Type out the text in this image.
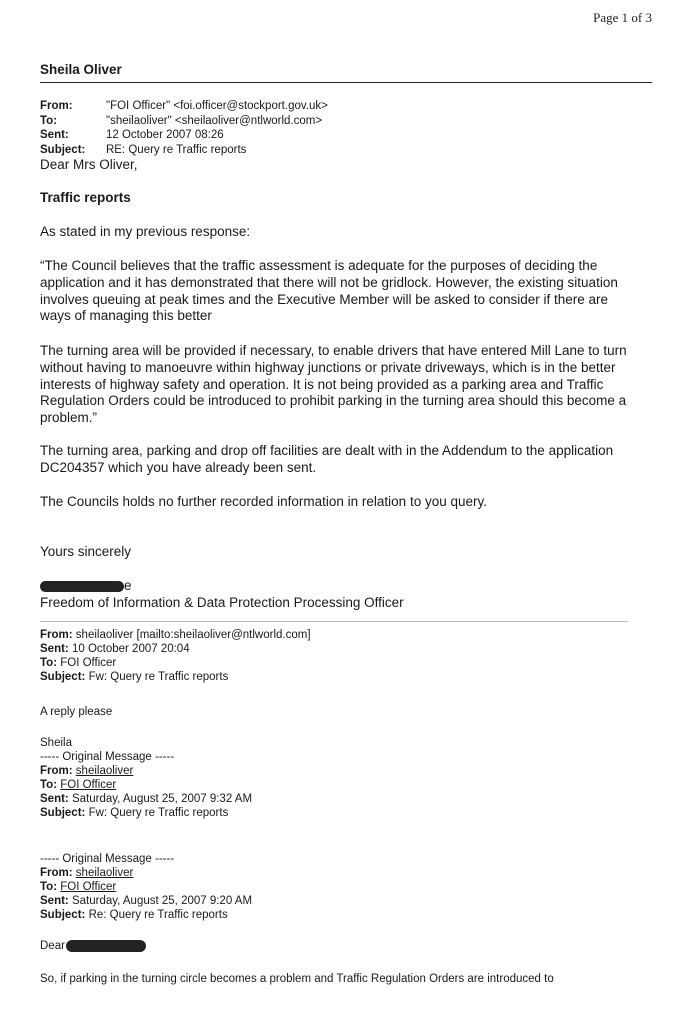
Page 1 of 3
Sheila Oliver
From:	"FOI Officer" <foi.officer@stockport.gov.uk>
To:	"sheilaoliver" <sheilaoliver@ntlworld.com>
Sent:	12 October 2007 08:26
Subject:	RE: Query re Traffic reports

Dear Mrs Oliver,

Traffic reports

As stated in my previous response:

“The Council believes that the traffic assessment is adequate for the purposes of deciding the application and it has demonstrated that there will not be gridlock. However, the existing situation involves queuing at peak times and the Executive Member will be asked to consider if there are ways of managing this better

The turning area will be provided if necessary, to enable drivers that have entered Mill Lane to turn without having to manoeuvre within highway junctions or private driveways, which is in the better interests of highway safety and operation. It is not being provided as a parking area and Traffic Regulation Orders could be introduced to prohibit parking in the turning area should this become a problem.”

The turning area, parking and drop off facilities are dealt with in the Addendum to the application DC204357 which you have already been sent.

The Councils holds no further recorded information in relation to you query.

Yours sincerely

e

Freedom of Information & Data Protection Processing Officer

From: sheilaoliver [mailto:sheilaoliver@ntlworld.com]
Sent: 10 October 2007 20:04
To: FOI Officer
Subject: Fw: Query re Traffic reports

A reply please

Sheila

----- Original Message -----
From: sheilaoliver
To: FOI Officer
Sent: Saturday, August 25, 2007 9:32 AM
Subject: Fw: Query re Traffic reports
----- Original Message -----
From: sheilaoliver
To: FOI Officer
Sent: Saturday, August 25, 2007 9:20 AM
Subject: Re: Query re Traffic reports
Dear

So, if parking in the turning circle becomes a problem and Traffic Regulation Orders are introduced to
